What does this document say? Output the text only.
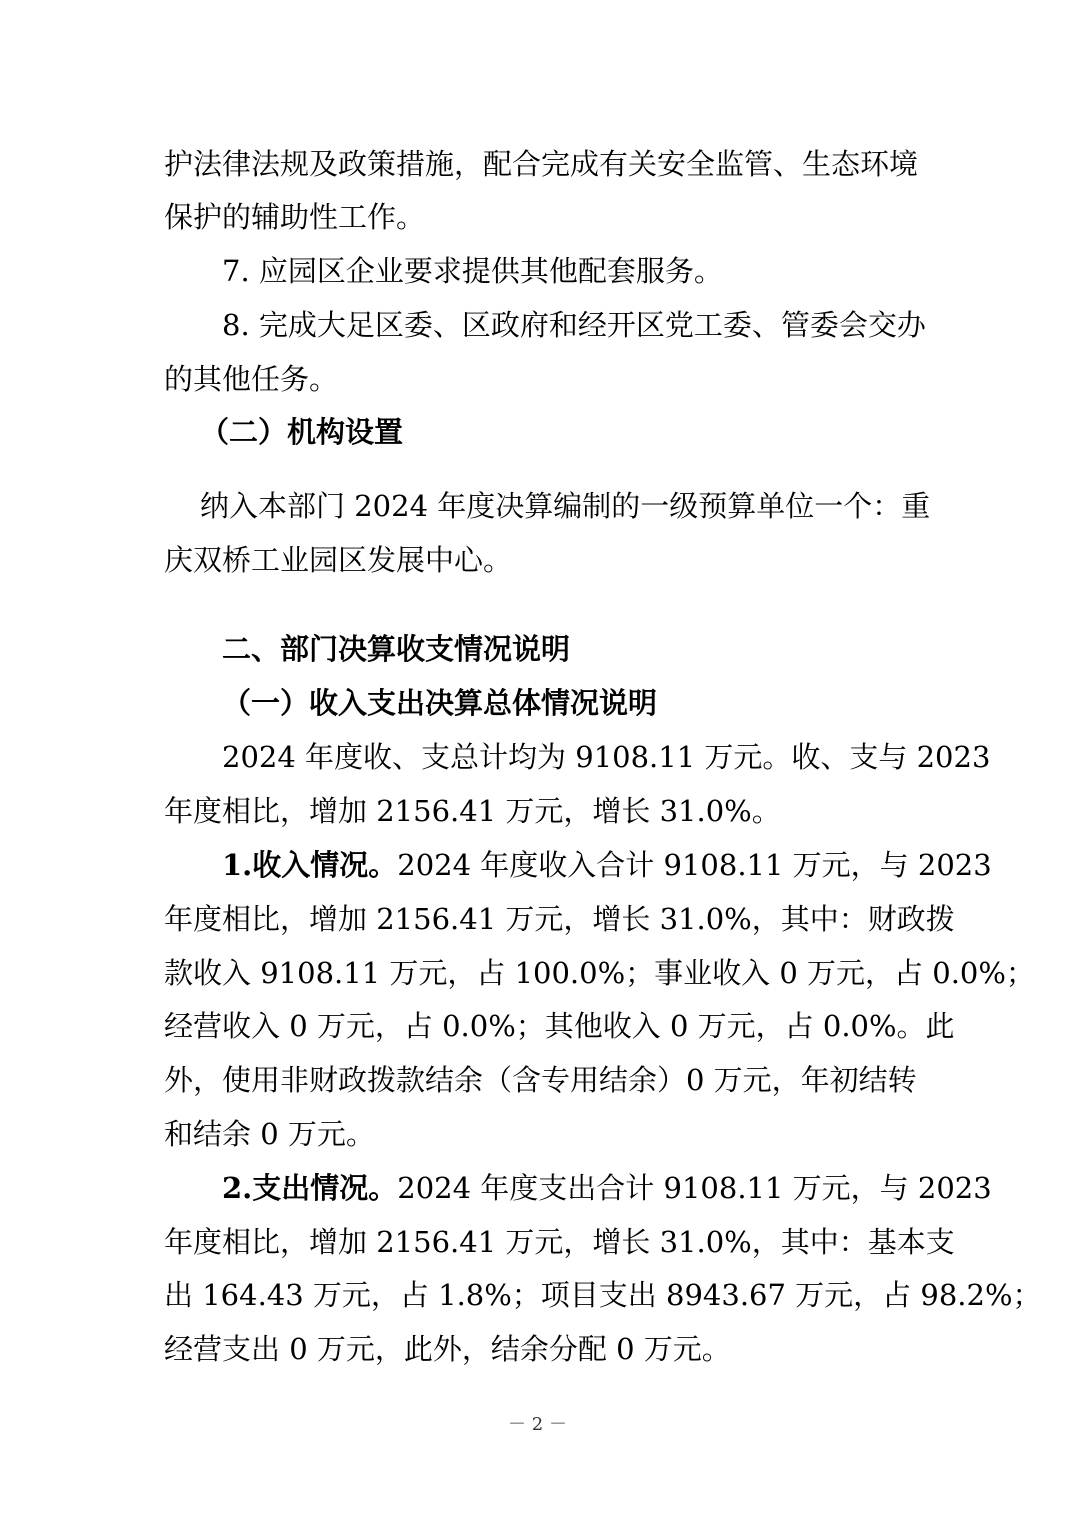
护法律法规及政策措施，配合完成有关安全监管、生态环境
保护的辅助性工作。
7. 应园区企业要求提供其他配套服务。
8. 完成大足区委、区政府和经开区党工委、管委会交办
的其他任务。
（二）机构设置
纳入本部门 2024 年度决算编制的一级预算单位一个：重
庆双桥工业园区发展中心。
二、部门决算收支情况说明
（一）收入支出决算总体情况说明
2024 年度收、支总计均为 9108.11 万元。收、支与 2023
年度相比，增加 2156.41 万元，增长 31.0%。
1.收入情况。 2024 年度收入合计 9108.11 万元，与 2023
年度相比，增加 2156.41 万元，增长 31.0%，其中：财政拨
款收入 9108.11 万元，占 100.0%；事业收入 0 万元，占 0.0%；
经营收入 0 万元，占 0.0%；其他收入 0 万元，占 0.0%。此
外，使用非财政拨款结余（含专用结余）0 万元，年初结转
和结余 0 万元。
2.支出情况。 2024 年度支出合计 9108.11 万元，与 2023
年度相比，增加 2156.41 万元，增长 31.0%，其中：基本支
出 164.43 万元，占 1.8%；项目支出 8943.67 万元，占 98.2%；
经营支出 0 万元，此外，结余分配 0 万元。
－ 2 －
